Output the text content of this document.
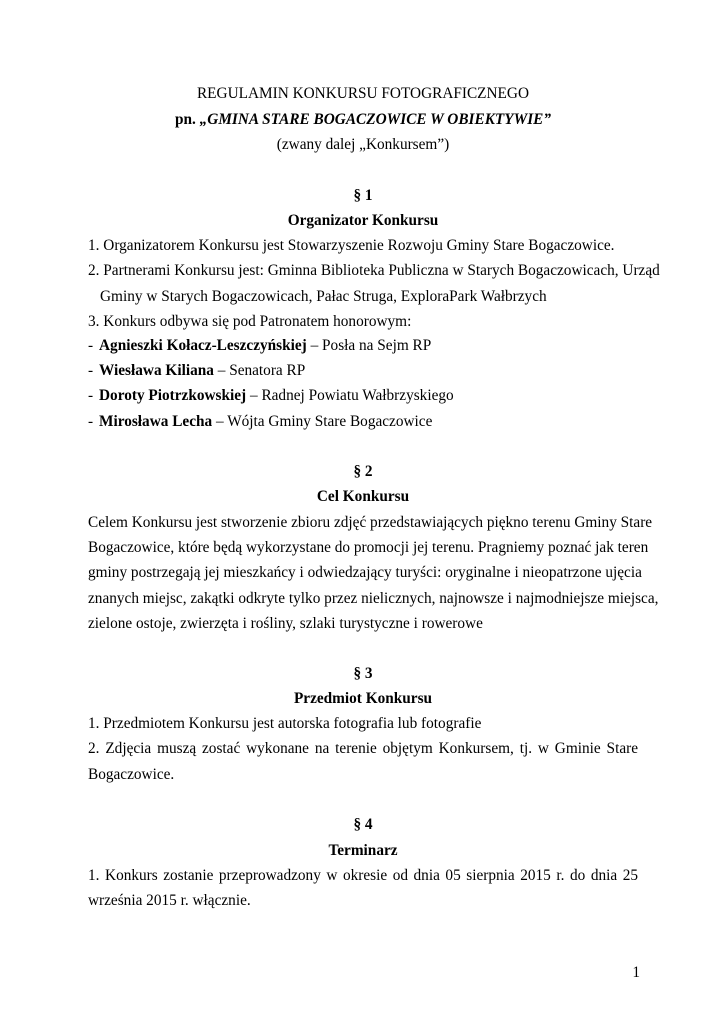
REGULAMIN KONKURSU FOTOGRAFICZNEGO
pn. „GMINA STARE BOGACZOWICE W OBIEKTYWIE”
(zwany dalej „Konkursem”)
§ 1
Organizator Konkursu
1. Organizatorem Konkursu jest Stowarzyszenie Rozwoju Gminy Stare Bogaczowice.
2. Partnerami Konkursu jest: Gminna Biblioteka Publiczna w Starych Bogaczowicach, Urząd
Gminy w Starych Bogaczowicach, Pałac Struga, ExploraPark Wałbrzych
3. Konkurs odbywa się pod Patronatem honorowym:
- Agnieszki Kołacz-Leszczyńskiej – Posła na Sejm RP
- Wiesława Kiliana – Senatora RP
- Doroty Piotrzkowskiej – Radnej Powiatu Wałbrzyskiego
- Mirosława Lecha – Wójta Gminy Stare Bogaczowice
§ 2
Cel Konkursu
Celem Konkursu jest stworzenie zbioru zdjęć przedstawiających piękno terenu Gminy Stare
Bogaczowice, które będą wykorzystane do promocji jej terenu. Pragniemy poznać jak teren
gminy postrzegają jej mieszkańcy i odwiedzający turyści: oryginalne i nieopatrzone ujęcia
znanych miejsc, zakątki odkryte tylko przez nielicznych, najnowsze i najmodniejsze miejsca,
zielone ostoje, zwierzęta i rośliny, szlaki turystyczne i rowerowe
§ 3
Przedmiot Konkursu
1. Przedmiotem Konkursu jest autorska fotografia lub fotografie
2. Zdjęcia muszą zostać wykonane na terenie objętym Konkursem, tj. w Gminie Stare
Bogaczowice.
§ 4
Terminarz
1. Konkurs zostanie przeprowadzony w okresie od dnia 05 sierpnia 2015 r. do dnia 25
września 2015 r. włącznie.
1
